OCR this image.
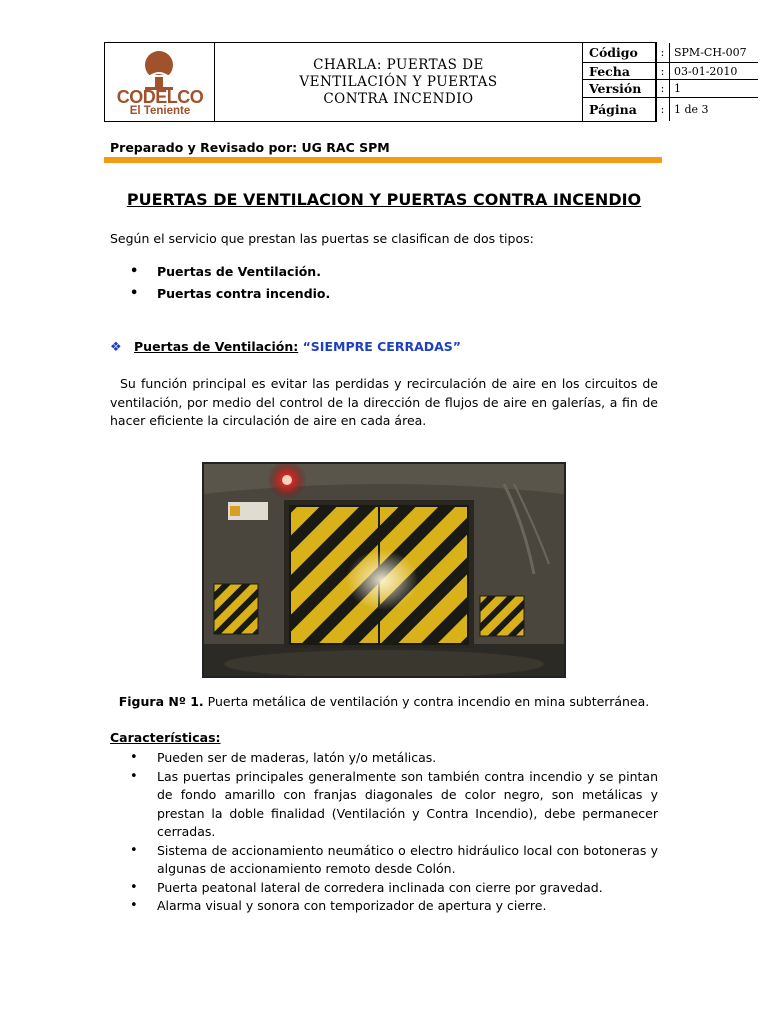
CODELCO
El Teniente
CHARLA: PUERTAS DE VENTILACIÓN Y PUERTAS CONTRA INCENDIO
Código	: SPM-CH-007
Fecha	: 03-01-2010
Versión	: 1
Página	: 1 de 3
Preparado y Revisado por: UG RAC SPM
PUERTAS DE VENTILACION Y PUERTAS CONTRA INCENDIO
Según el servicio que prestan las puertas se clasifican de dos tipos:
• Puertas de Ventilación.
• Puertas contra incendio.
❖ Puertas de Ventilación: “SIEMPRE CERRADAS”
Su función principal es evitar las perdidas y recirculación de aire en los circuitos de ventilación, por medio del control de la dirección de flujos de aire en galerías, a fin de hacer eficiente la circulación de aire en cada área.
Figura Nº 1. Puerta metálica de ventilación y contra incendio en mina subterránea.
Características:
• Pueden ser de maderas, latón y/o metálicas.
• Las puertas principales generalmente son también contra incendio y se pintan de fondo amarillo con franjas diagonales de color negro, son metálicas y prestan la doble finalidad (Ventilación y Contra Incendio), debe permanecer cerradas.
• Sistema de accionamiento neumático o electro hidráulico local con botoneras y algunas de accionamiento remoto desde Colón.
• Puerta peatonal lateral de corredera inclinada con cierre por gravedad.
• Alarma visual y sonora con temporizador de apertura y cierre.
